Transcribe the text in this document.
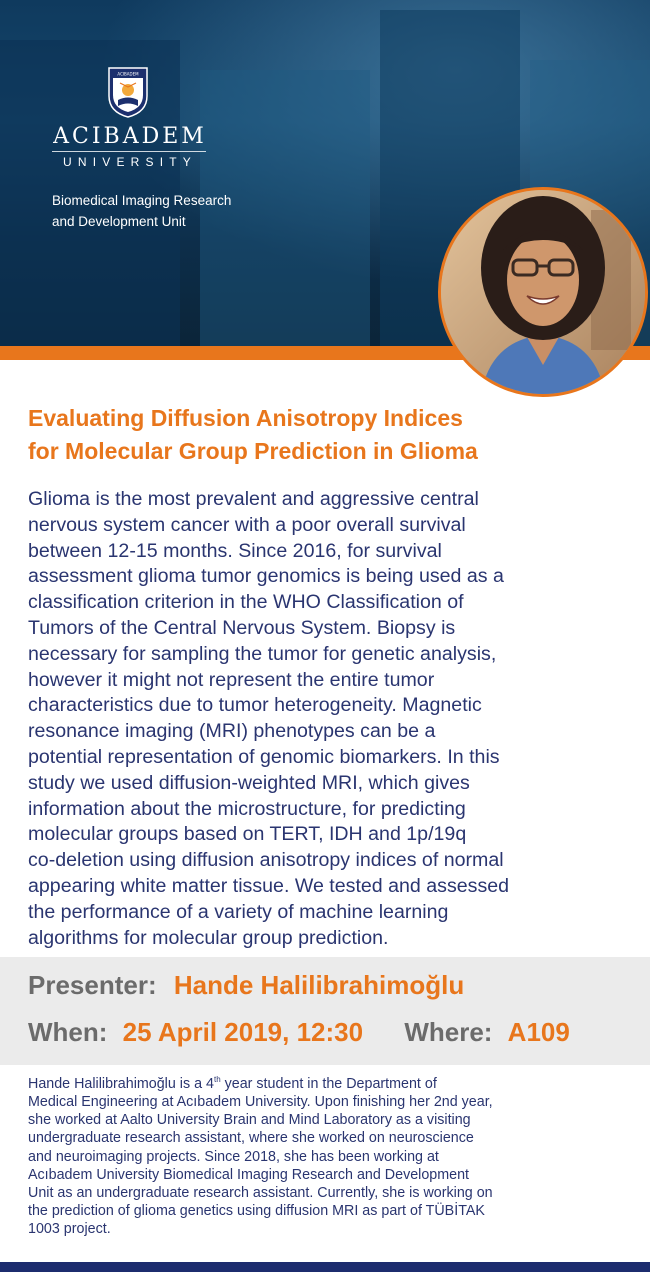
ACIBADEM
ACIBADEM
UNIVERSITY
Biomedical Imaging Research
and Development Unit
Evaluating Diffusion Anisotropy Indices
for Molecular Group Prediction in Glioma
Glioma is the most prevalent and aggressive central
nervous system cancer with a poor overall survival
between 12-15 months. Since 2016, for survival
assessment glioma tumor genomics is being used as a
classification criterion in the WHO Classification of
Tumors of the Central Nervous System. Biopsy is
necessary for sampling the tumor for genetic analysis,
however it might not represent the entire tumor
characteristics due to tumor heterogeneity. Magnetic
resonance imaging (MRI) phenotypes can be a
potential representation of genomic biomarkers. In this
study we used diffusion-weighted MRI, which gives
information about the microstructure, for predicting
molecular groups based on TERT, IDH and 1p/19q
co-deletion using diffusion anisotropy indices of normal
appearing white matter tissue. We tested and assessed
the performance of a variety of machine learning
algorithms for molecular group prediction.
Presenter: Hande Halilibrahimoğlu
When: 25 April 2019, 12:30 Where: A109
Hande Halilibrahimoğlu is a 4th year student in the Department of
Medical Engineering at Acıbadem University. Upon finishing her 2nd year,
she worked at Aalto University Brain and Mind Laboratory as a visiting
undergraduate research assistant, where she worked on neuroscience
and neuroimaging projects. Since 2018, she has been working at
Acıbadem University Biomedical Imaging Research and Development
Unit as an undergraduate research assistant. Currently, she is working on
the prediction of glioma genetics using diffusion MRI as part of TÜBİTAK
1003 project.
